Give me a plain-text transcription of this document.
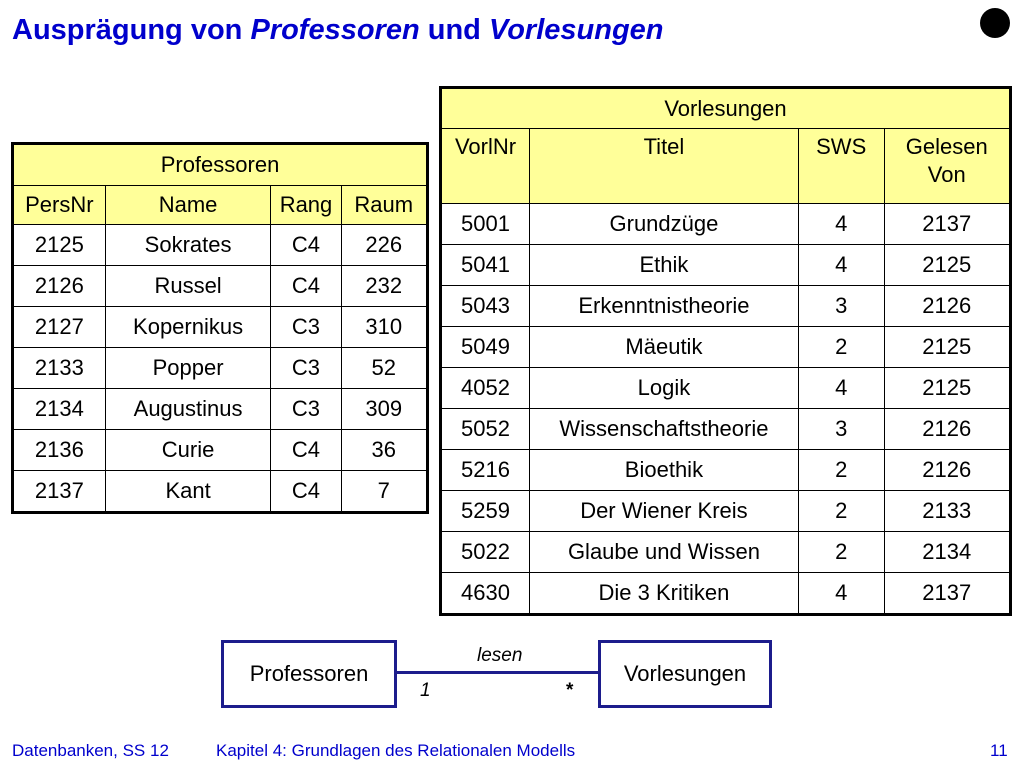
Ausprägung von Professoren und Vorlesungen
Professoren			
PersNr	Name	Rang	Raum
2125	Sokrates	C4	226
2126	Russel	C4	232
2127	Kopernikus	C3	310
2133	Popper	C3	52
2134	Augustinus	C3	309
2136	Curie	C4	36
2137	Kant	C4	7
Vorlesungen			
VorlNr	Titel	SWS	Gelesen
Von
5001	Grundzüge	4	2137
5041	Ethik	4	2125
5043	Erkenntnistheorie	3	2126
5049	Mäeutik	2	2125
4052	Logik	4	2125
5052	Wissenschaftstheorie	3	2126
5216	Bioethik	2	2126
5259	Der Wiener Kreis	2	2133
5022	Glaube und Wissen	2	2134
4630	Die 3 Kritiken	4	2137
Professoren	Vorlesungen
lesen
1	*
Datenbanken, SS 12	Kapitel 4: Grundlagen des Relationalen Modells	11
